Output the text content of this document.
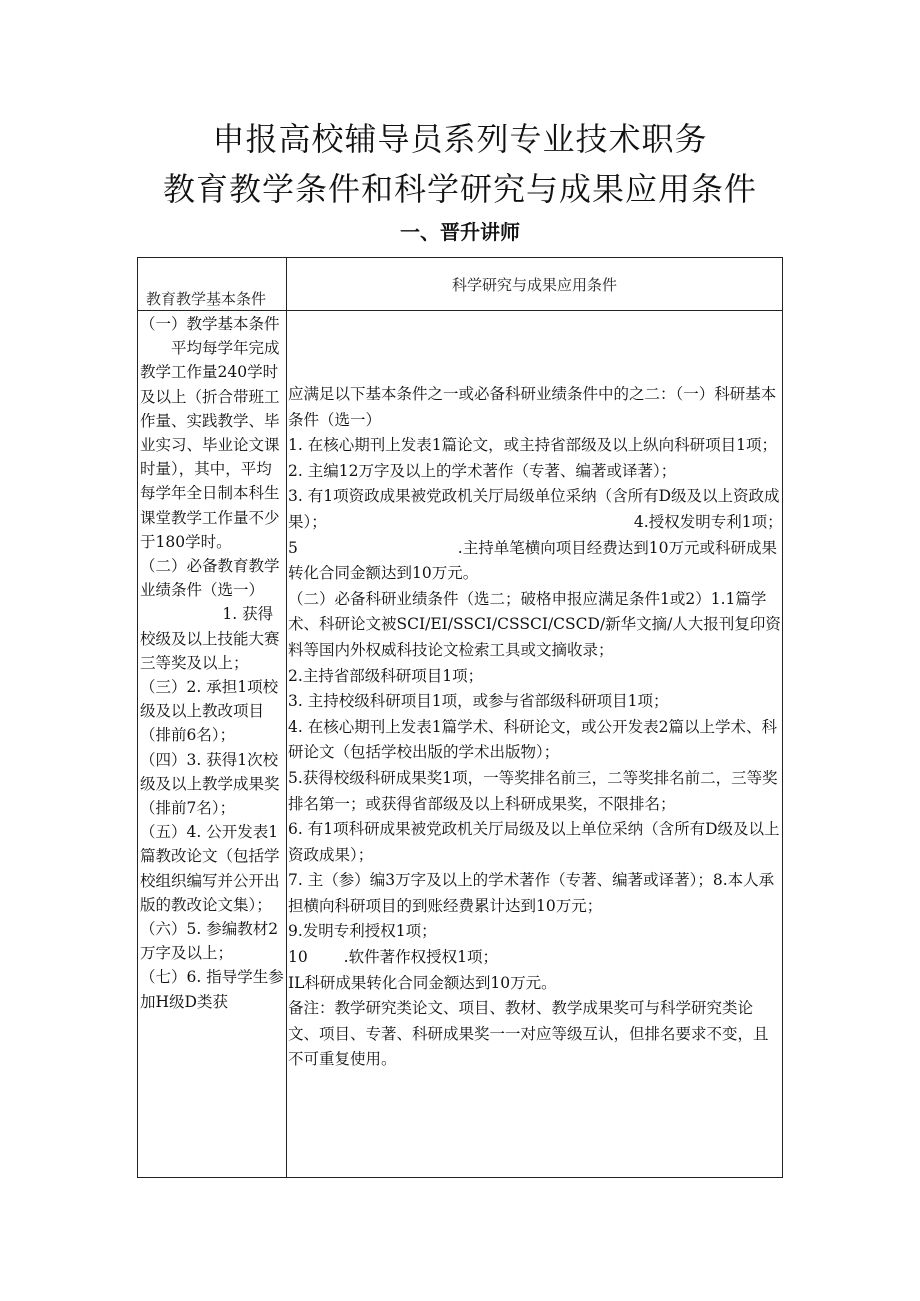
申报高校辅导员系列专业技术职务
教育教学条件和科学研究与成果应用条件
一、晋升讲师
教育教学基本条件
科学研究与成果应用条件
（一）教学基本条件
　　平均每学年完成教学工作量240学时及以上（折合带班工作量、实践教学、毕业实习、毕业论文课时量），其中，平均每学年全日制本科生课堂教学工作量不少于180学时。
（二）必备教育教学业绩条件（选一）
　　　　　 1. 获得校级及以上技能大赛三等奖及以上；
（三）2. 承担1项校级及以上教改项目（排前6名）；
（四）3. 获得1次校级及以上教学成果奖（排前7名）；
（五）4. 公开发表1篇教改论文（包括学校组织编写并公开出版的教改论文集）；
（六）5. 参编教材2万字及以上；
（七）6. 指导学生参加H级D类获
应满足以下基本条件之一或必备科研业绩条件中的之二：（一）科研基本条件（选一）
1. 在核心期刊上发表1篇论文，或主持省部级及以上纵向科研项目1项；　　　　　　　　 2. 主编12万字及以上的学术著作（专著、编著或译著）；　　　　　　　　　　　　　　 3. 有1项资政成果被党政机关厅局级单位采纳（含所有D级及以上资政成果）；　　　　　　　　　　　　　　　　　　　　 4.授权发明专利1项；　　　　　　　　 5　　　　　　　　　　 .主持单笔横向项目经费达到10万元或科研成果转化合同金额达到10万元。
（二）必备科研业绩条件（选二；破格申报应满足条件1或2）1.1篇学术、科研论文被SCI/EI/SSCI/CSSCI/CSCD/新华文摘/人大报刊复印资料等国内外权威科技论文检索工具或文摘收录；
2.主持省部级科研项目1项；
3. 主持校级科研项目1项，或参与省部级科研项目1项；
4. 在核心期刊上发表1篇学术、科研论文，或公开发表2篇以上学术、科研论文（包括学校出版的学术出版物）；
5.获得校级科研成果奖1项，一等奖排名前三，二等奖排名前二，三等奖排名第一；或获得省部级及以上科研成果奖，不限排名；
6. 有1项科研成果被党政机关厅局级及以上单位采纳（含所有D级及以上资政成果）；
7. 主（参）编3万字及以上的学术著作（专著、编著或译著）；8.本人承担横向科研项目的到账经费累计达到10万元；
9.发明专利授权1项；
10　　 .软件著作权授权1项；
IL科研成果转化合同金额达到10万元。
备注：教学研究类论文、项目、教材、教学成果奖可与科学研究类论文、项目、专著、科研成果奖一一对应等级互认，但排名要求不变，且不可重复使用。
